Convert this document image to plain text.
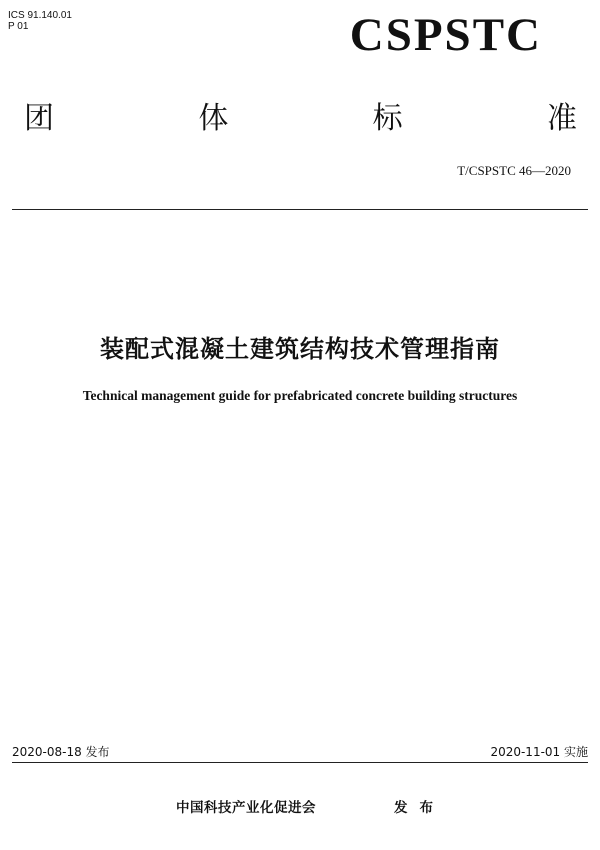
ICS 91.140.01
P 01	CSPSTC
团	体	标	准
T/CSPSTC 46—2020
装配式混凝土建筑结构技术管理指南
Technical management guide for prefabricated concrete building structures
2020-08-18 发布	2020-11-01 实施
中国科技产业化促进会	发布
